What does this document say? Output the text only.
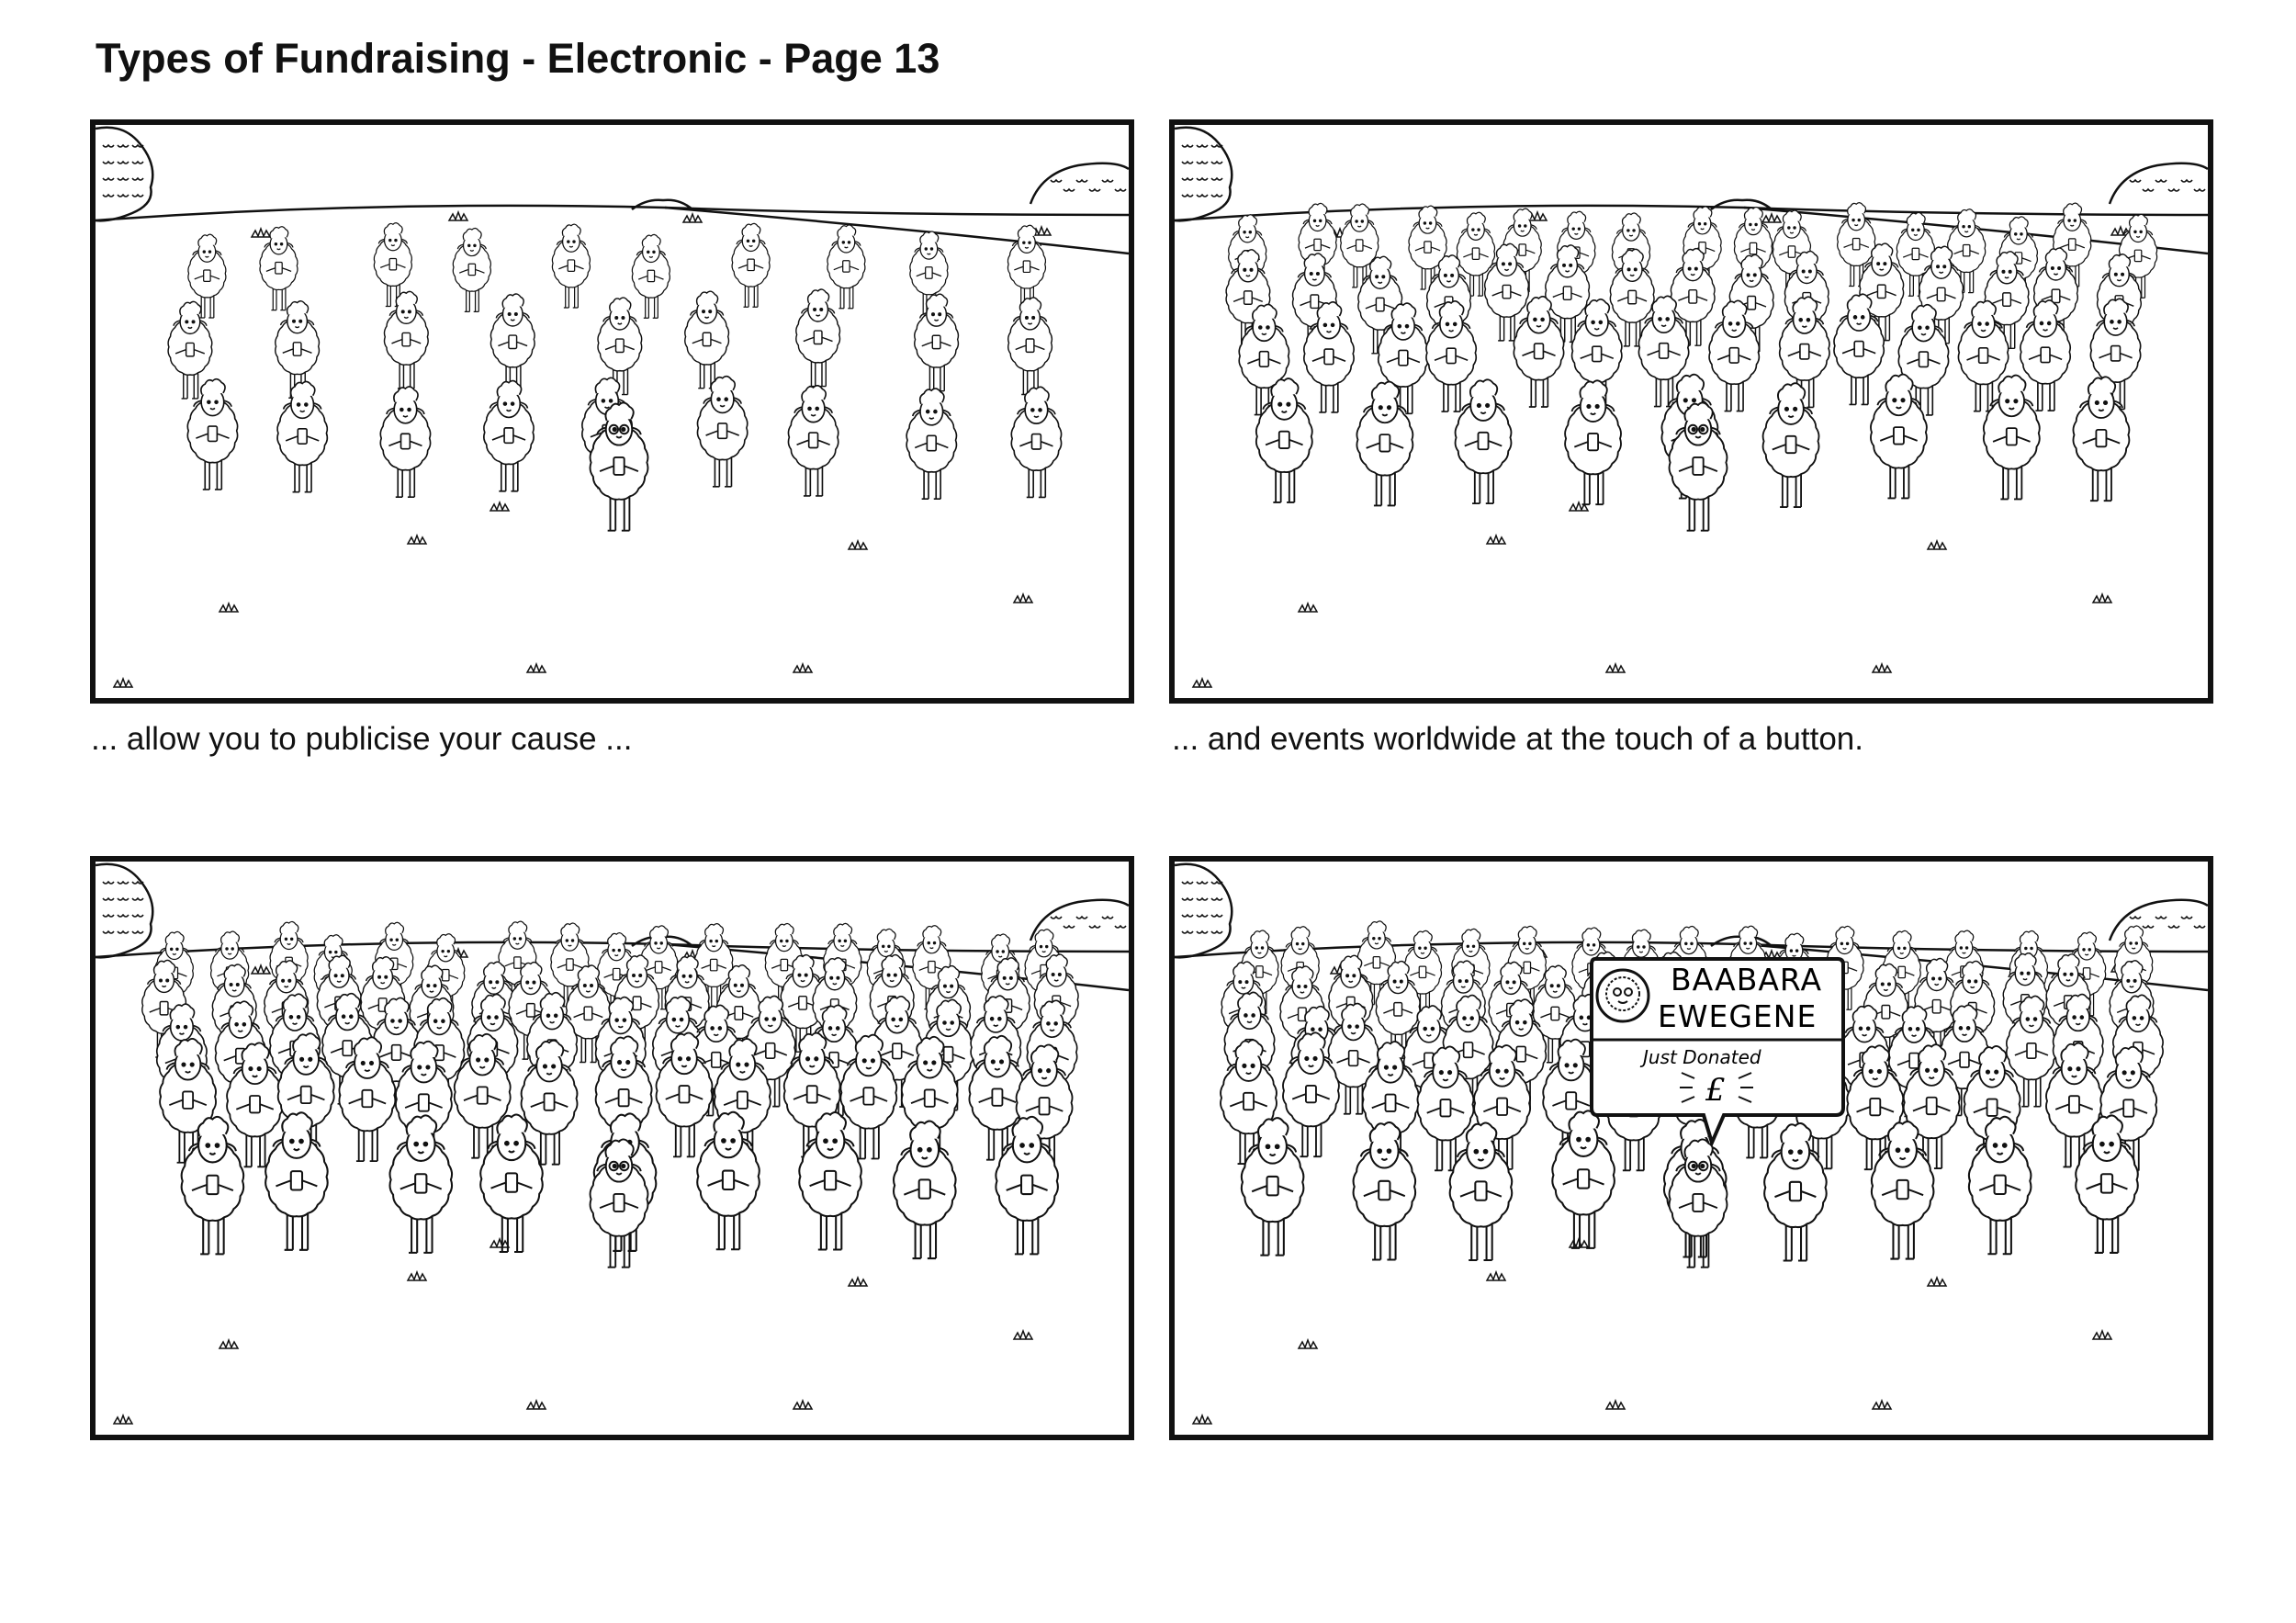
Types of Fundraising - Electronic - Page 13

... allow you to publicise your cause ...	... and events worldwide at the touch of a button.

BAABARA
EWEGENE
Just Donated
£
